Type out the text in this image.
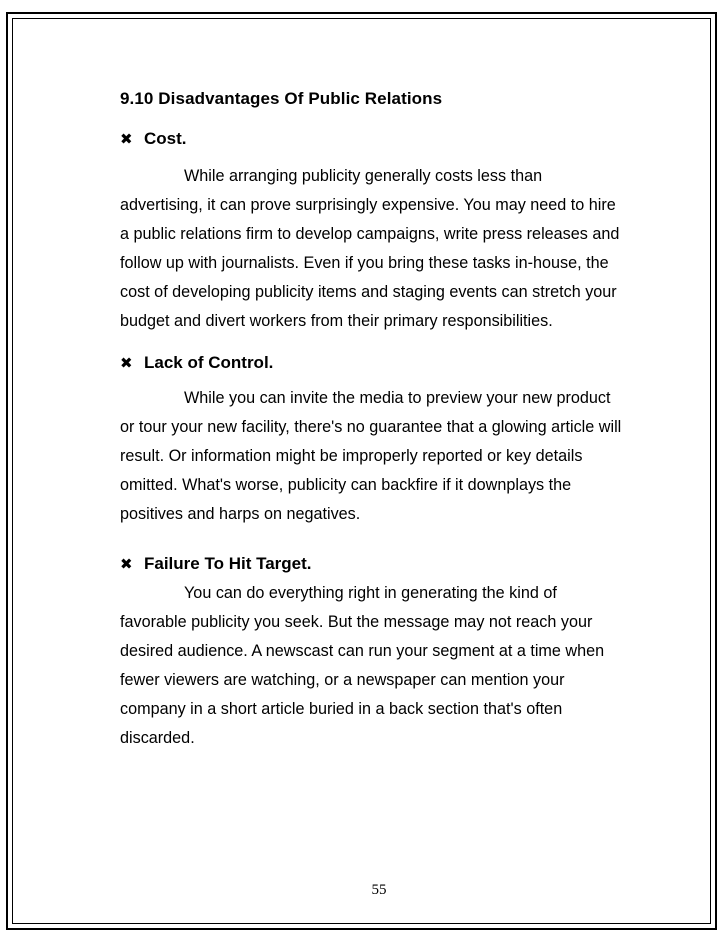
9.10 Disadvantages Of Public Relations
✖ Cost.
While arranging publicity generally costs less than
advertising, it can prove surprisingly expensive. You may need to hire
a public relations firm to develop campaigns, write press releases and
follow up with journalists. Even if you bring these tasks in-house, the
cost of developing publicity items and staging events can stretch your
budget and divert workers from their primary responsibilities.
✖ Lack of Control.
While you can invite the media to preview your new product
or tour your new facility, there's no guarantee that a glowing article will
result. Or information might be improperly reported or key details
omitted. What's worse, publicity can backfire if it downplays the
positives and harps on negatives.
✖ Failure To Hit Target.
You can do everything right in generating the kind of
favorable publicity you seek. But the message may not reach your
desired audience. A newscast can run your segment at a time when
fewer viewers are watching, or a newspaper can mention your
company in a short article buried in a back section that's often
discarded.
55
